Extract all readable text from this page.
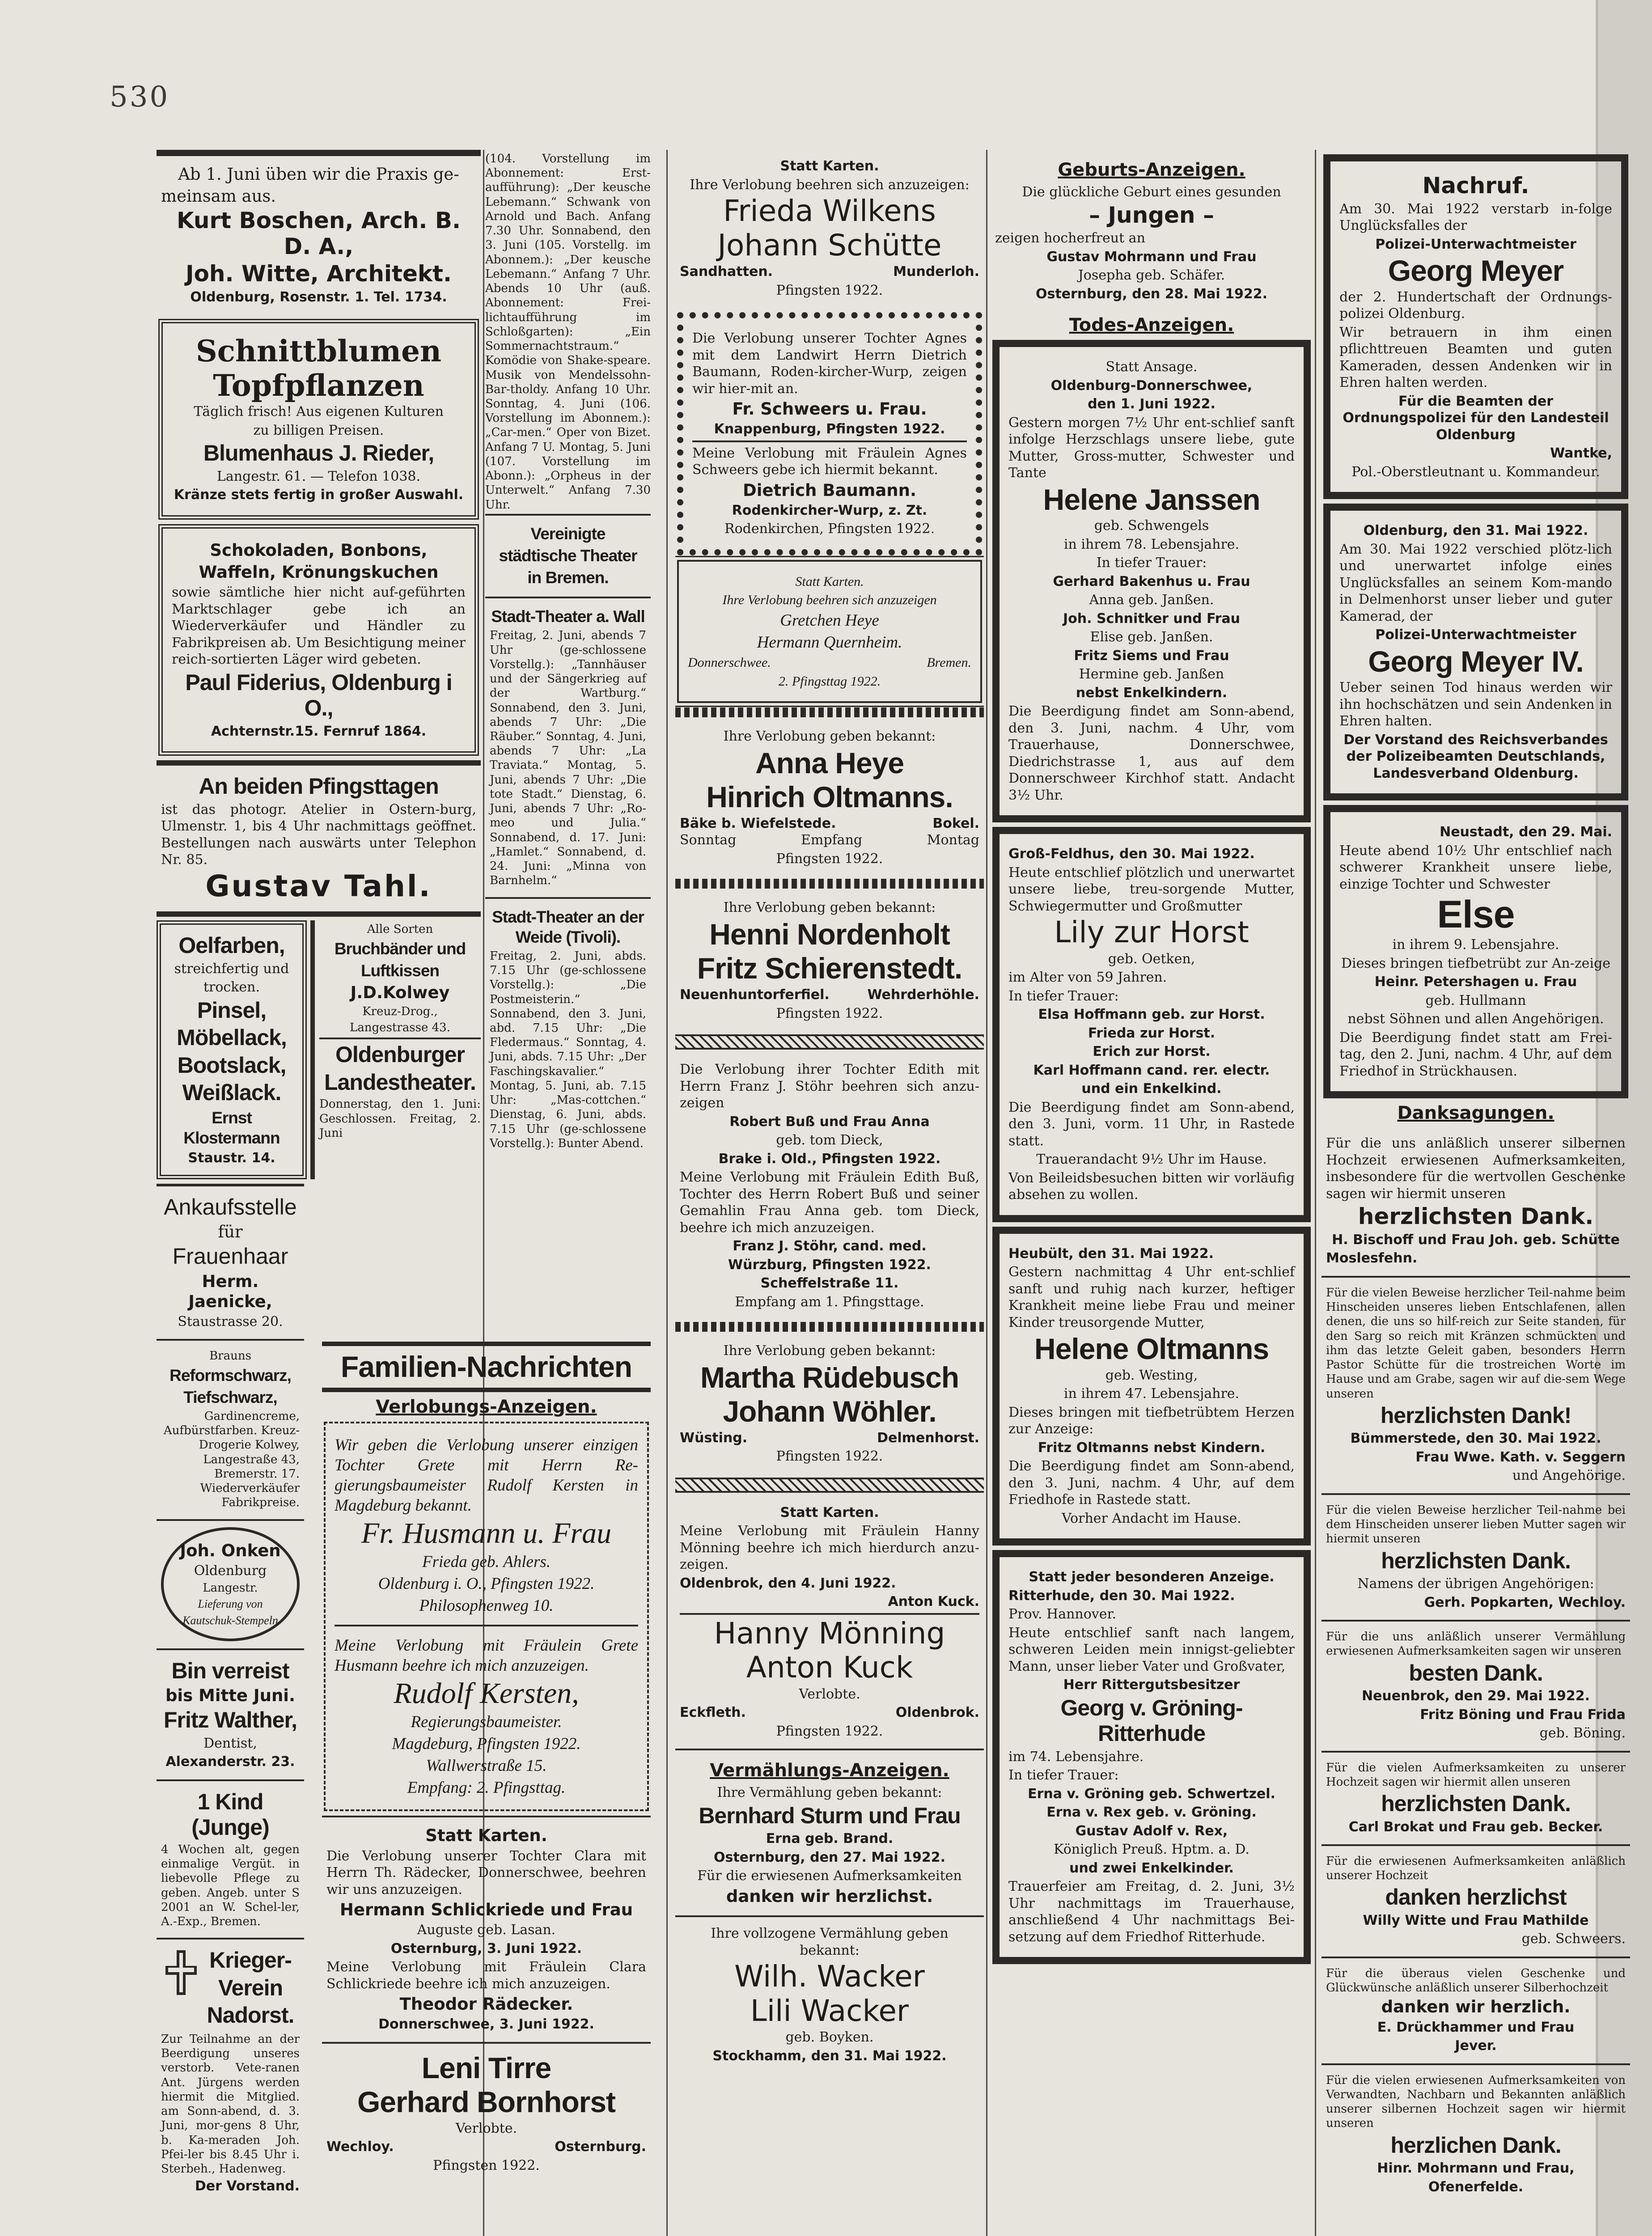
530

Ab 1. Juni üben wir die Praxis ge-

meinsam aus.

Kurt Boschen, Arch. B. D. A.,

Joh. Witte, Architekt.

Oldenburg, Rosenstr. 1. Tel. 1734.

Schnittblumen

Topfpflanzen

Täglich frisch! Aus eigenen Kulturen

zu billigen Preisen.

Blumenhaus J. Rieder,

Langestr. 61. — Telefon 1038.

Kränze stets fertig in großer Auswahl.

Schokoladen, Bonbons,

Waffeln, Krönungskuchen

sowie sämtliche hier nicht auf-geführten Marktschlager gebe ich an Wiederverkäufer und Händler zu Fabrikpreisen ab. Um Besichtigung meiner reich-sortierten Läger wird gebeten.

Paul Fiderius, Oldenburg i O.,

Achternstr.15. Fernruf 1864.

An beiden Pfingsttagen

ist das photogr. Atelier in Ostern-burg, Ulmenstr. 1, bis 4 Uhr nachmittags geöffnet. Bestellungen nach auswärts unter Telephon Nr. 85.

Gustav Tahl.

Oelfarben,

streichfertig und

trocken.

Pinsel,

Möbellack,

Bootslack,

Weißlack.

Ernst Klostermann

Staustr. 14.

Alle Sorten

Bruchbänder und

Luftkissen

J.D.Kolwey

Kreuz-Drog.,

Langestrasse 43.

Oldenburger

Landestheater.

Donnerstag, den 1. Juni: Geschlossen. Freitag, 2. Juni

Ankaufsstelle

für

Frauenhaar

Herm. Jaenicke,

Staustrasse 20.

Brauns

Reformschwarz,

Tiefschwarz,

Gardinencreme, Aufbürstfarben. Kreuz-Drogerie Kolwey, Langestraße 43, Bremerstr. 17. Wiederverkäufer Fabrikpreise.

Joh. Onken

Oldenburg

Langestr.

Lieferung von

Kautschuk-Stempeln

Bin verreist

bis Mitte Juni.

Fritz Walther,

Dentist,

Alexanderstr. 23.

1 Kind (Junge)

4 Wochen alt, gegen einmalige Vergüt. in liebevolle Pflege zu geben. Angeb. unter S 2001 an W. Schel-ler, A.-Exp., Bremen.

Krieger-

Verein

Nadorst.

Zur Teilnahme an der Beerdigung unseres verstorb. Vete-ranen Ant. Jürgens werden hiermit die Mitglied. am Sonn-abend, d. 3. Juni, mor-gens 8 Uhr, b. Ka-meraden Joh. Pfei-ler bis 8.45 Uhr i. Sterbeh., Hadenweg.

Der Vorstand.

(104. Vorstellung im Abonnement: Erst-aufführung): „Der keusche Lebemann.“ Schwank von Arnold und Bach. Anfang 7.30 Uhr. Sonnabend, den 3. Juni (105. Vorstellg. im Abonnem.): „Der keusche Lebemann.“ Anfang 7 Uhr. Abends 10 Uhr (auß. Abonnement: Frei-lichtaufführung im Schloßgarten): „Ein Sommernachtstraum.“ Komödie von Shake-speare. Musik von Mendelssohn-Bar-tholdy. Anfang 10 Uhr. Sonntag, 4. Juni (106. Vorstellung im Abonnem.): „Car-men.“ Oper von Bizet. Anfang 7 U. Montag, 5. Juni (107. Vorstellung im Abonn.): „Orpheus in der Unterwelt.“ Anfang 7.30 Uhr.

Vereinigte

städtische Theater

in Bremen.

Stadt-Theater a. Wall

Freitag, 2. Juni, abends 7 Uhr (ge-schlossene Vorstellg.): „Tannhäuser und der Sängerkrieg auf der Wartburg.“ Sonnabend, den 3. Juni, abends 7 Uhr: „Die Räuber.“ Sonntag, 4. Juni, abends 7 Uhr: „La Traviata.“ Montag, 5. Juni, abends 7 Uhr: „Die tote Stadt.“ Dienstag, 6. Juni, abends 7 Uhr: „Ro-meo und Julia.“ Sonnabend, d. 17. Juni: „Hamlet.“ Sonnabend, d. 24. Juni: „Minna von Barnhelm.“

Stadt-Theater an der Weide (Tivoli).

Freitag, 2. Juni, abds. 7.15 Uhr (ge-schlossene Vorstellg.): „Die Postmeisterin.“ Sonnabend, den 3. Juni, abd. 7.15 Uhr: „Die Fledermaus.“ Sonntag, 4. Juni, abds. 7.15 Uhr: „Der Faschingskavalier.“ Montag, 5. Juni, ab. 7.15 Uhr: „Mas-cottchen.“ Dienstag, 6. Juni, abds. 7.15 Uhr (ge-schlossene Vorstellg.): Bunter Abend.

Familien-Nachrichten

Verlobungs-Anzeigen.

Wir geben die Verlobung unserer einzigen Tochter Grete mit Herrn Re-gierungsbaumeister Rudolf Kersten in Magdeburg bekannt.

Fr. Husmann u. Frau

Frieda geb. Ahlers.

Oldenburg i. O., Pfingsten 1922.

Philosophenweg 10.

Meine Verlobung mit Fräulein Grete Husmann beehre ich mich anzuzeigen.

Rudolf Kersten,

Regierungsbaumeister.

Magdeburg, Pfingsten 1922.

Wallwerstraße 15.

Empfang: 2. Pfingsttag.

Statt Karten.

Die Verlobung unserer Tochter Clara mit Herrn Th. Rädecker, Donnerschwee, beehren wir uns anzuzeigen.

Hermann Schlickriede und Frau

Auguste geb. Lasan.

Osternburg, 3. Juni 1922.

Meine Verlobung mit Fräulein Clara Schlickriede beehre ich mich anzuzeigen.

Theodor Rädecker.

Donnerschwee, 3. Juni 1922.

Leni Tirre

Gerhard Bornhorst

Verlobte.

Wechloy.	Osternburg.

Pfingsten 1922.

Statt Karten.

Ihre Verlobung beehren sich anzuzeigen:

Frieda Wilkens

Johann Schütte

Sandhatten.	Munderloh.

Pfingsten 1922.

Die Verlobung unserer Tochter Agnes mit dem Landwirt Herrn Dietrich Baumann, Roden-kircher-Wurp, zeigen wir hier-mit an.

Fr. Schweers u. Frau.

Knappenburg, Pfingsten 1922.

Meine Verlobung mit Fräulein Agnes Schweers gebe ich hiermit bekannt.

Dietrich Baumann.

Rodenkircher-Wurp, z. Zt.

Rodenkirchen, Pfingsten 1922.

Statt Karten.

Ihre Verlobung beehren sich anzuzeigen

Gretchen Heye

Hermann Quernheim.

Donnerschwee.	Bremen.

2. Pfingsttag 1922.

Ihre Verlobung geben bekannt:

Anna Heye

Hinrich Oltmanns.

Bäke b. Wiefelstede.	Bokel.
Sonntag	Empfang	Montag

Pfingsten 1922.

Ihre Verlobung geben bekannt:

Henni Nordenholt

Fritz Schierenstedt.

Neuenhuntorferfiel.	Wehrderhöhle.

Pfingsten 1922.

Die Verlobung ihrer Tochter Edith mit Herrn Franz J. Stöhr beehren sich anzu-zeigen

Robert Buß und Frau Anna

geb. tom Dieck,

Brake i. Old., Pfingsten 1922.

Meine Verlobung mit Fräulein Edith Buß, Tochter des Herrn Robert Buß und seiner Gemahlin Frau Anna geb. tom Dieck, beehre ich mich anzuzeigen.

Franz J. Stöhr, cand. med.

Würzburg, Pfingsten 1922.

Scheffelstraße 11.

Empfang am 1. Pfingsttage.

Ihre Verlobung geben bekannt:

Martha Rüdebusch

Johann Wöhler.

Wüsting.	Delmenhorst.

Pfingsten 1922.

Statt Karten.

Meine Verlobung mit Fräulein Hanny Mönning beehre ich mich hierdurch anzu-zeigen.

Oldenbrok, den 4. Juni 1922.

Anton Kuck.

Hanny Mönning

Anton Kuck

Verlobte.

Eckfleth.	Oldenbrok.

Pfingsten 1922.

Vermählungs-Anzeigen.

Ihre Vermählung geben bekannt:

Bernhard Sturm und Frau

Erna geb. Brand.

Osternburg, den 27. Mai 1922.

Für die erwiesenen Aufmerksamkeiten

danken wir herzlichst.

Ihre vollzogene Vermählung geben bekannt:

Wilh. Wacker

Lili Wacker

geb. Boyken.

Stockhamm, den 31. Mai 1922.

Geburts-Anzeigen.

Die glückliche Geburt eines gesunden

– Jungen –

zeigen hocherfreut an

Gustav Mohrmann und Frau

Josepha geb. Schäfer.

Osternburg, den 28. Mai 1922.

Todes-Anzeigen.

Statt Ansage.

Oldenburg-Donnerschwee,

den 1. Juni 1922.

Gestern morgen 7½ Uhr ent-schlief sanft infolge Herzschlags unsere liebe, gute Mutter, Gross-mutter, Schwester und Tante

Helene Janssen

geb. Schwengels

in ihrem 78. Lebensjahre.

In tiefer Trauer:

Gerhard Bakenhus u. Frau

Anna geb. Janßen.

Joh. Schnitker und Frau

Elise geb. Janßen.

Fritz Siems und Frau

Hermine geb. Janßen

nebst Enkelkindern.

Die Beerdigung findet am Sonn-abend, den 3. Juni, nachm. 4 Uhr, vom Trauerhause, Donnerschwee, Diedrichstrasse 1, aus auf dem Donnerschweer Kirchhof statt. Andacht 3½ Uhr.

Groß-Feldhus, den 30. Mai 1922.

Heute entschlief plötzlich und unerwartet unsere liebe, treu-sorgende Mutter, Schwiegermutter und Großmutter

Lily zur Horst

geb. Oetken,

im Alter von 59 Jahren.

In tiefer Trauer:

Elsa Hoffmann geb. zur Horst.

Frieda zur Horst.

Erich zur Horst.

Karl Hoffmann cand. rer. electr.

und ein Enkelkind.

Die Beerdigung findet am Sonn-abend, den 3. Juni, vorm. 11 Uhr, in Rastede statt.

Trauerandacht 9½ Uhr im Hause.

Von Beileidsbesuchen bitten wir vorläufig absehen zu wollen.

Heubült, den 31. Mai 1922.

Gestern nachmittag 4 Uhr ent-schlief sanft und ruhig nach kurzer, heftiger Krankheit meine liebe Frau und meiner Kinder treusorgende Mutter,

Helene Oltmanns

geb. Westing,

in ihrem 47. Lebensjahre.

Dieses bringen mit tiefbetrübtem Herzen zur Anzeige:

Fritz Oltmanns nebst Kindern.

Die Beerdigung findet am Sonn-abend, den 3. Juni, nachm. 4 Uhr, auf dem Friedhofe in Rastede statt.

Vorher Andacht im Hause.

Statt jeder besonderen Anzeige.

Ritterhude, den 30. Mai 1922.

Prov. Hannover.

Heute entschlief sanft nach langem, schweren Leiden mein innigst-geliebter Mann, unser lieber Vater und Großvater,

Herr Rittergutsbesitzer

Georg v. Gröning-Ritterhude

im 74. Lebensjahre.

In tiefer Trauer:

Erna v. Gröning geb. Schwertzel.

Erna v. Rex geb. v. Gröning.

Gustav Adolf v. Rex,

Königlich Preuß. Hptm. a. D.

und zwei Enkelkinder.

Trauerfeier am Freitag, d. 2. Juni, 3½ Uhr nachmittags im Trauerhause, anschließend 4 Uhr nachmittags Bei-setzung auf dem Friedhof Ritterhude.

Nachruf.

Am 30. Mai 1922 verstarb in-folge Unglücksfalles der

Polizei-Unterwachtmeister

Georg Meyer

der 2. Hundertschaft der Ordnungs-polizei Oldenburg.

Wir betrauern in ihm einen pflichttreuen Beamten und guten Kameraden, dessen Andenken wir in Ehren halten werden.

Für die Beamten der Ordnungspolizei für den Landesteil Oldenburg

Wantke,

Pol.-Oberstleutnant u. Kommandeur.

Oldenburg, den 31. Mai 1922.

Am 30. Mai 1922 verschied plötz-lich und unerwartet infolge eines Unglücksfalles an seinem Kom-mando in Delmenhorst unser lieber und guter Kamerad, der

Polizei-Unterwachtmeister

Georg Meyer IV.

Ueber seinen Tod hinaus werden wir ihn hochschätzen und sein Andenken in Ehren halten.

Der Vorstand des Reichsverbandes der Polizeibeamten Deutschlands, Landesverband Oldenburg.

Neustadt, den 29. Mai.

Heute abend 10½ Uhr entschlief nach schwerer Krankheit unsere liebe, einzige Tochter und Schwester

Else

in ihrem 9. Lebensjahre.

Dieses bringen tiefbetrübt zur An-zeige

Heinr. Petershagen u. Frau

geb. Hullmann

nebst Söhnen und allen Angehörigen.

Die Beerdigung findet statt am Frei-tag, den 2. Juni, nachm. 4 Uhr, auf dem Friedhof in Strückhausen.

Danksagungen.

Für die uns anläßlich unserer silbernen Hochzeit erwiesenen Aufmerksamkeiten, insbesondere für die wertvollen Geschenke sagen wir hiermit unseren

herzlichsten Dank.

H. Bischoff und Frau Joh. geb. Schütte

Moslesfehn.

Für die vielen Beweise herzlicher Teil-nahme beim Hinscheiden unseres lieben Entschlafenen, allen denen, die uns so hilf-reich zur Seite standen, für den Sarg so reich mit Kränzen schmückten und ihm das letzte Geleit gaben, besonders Herrn Pastor Schütte für die trostreichen Worte im Hause und am Grabe, sagen wir auf die-sem Wege unseren

herzlichsten Dank!

Bümmerstede, den 30. Mai 1922.

Frau Wwe. Kath. v. Seggern

und Angehörige.

Für die vielen Beweise herzlicher Teil-nahme bei dem Hinscheiden unserer lieben Mutter sagen wir hiermit unseren

herzlichsten Dank.

Namens der übrigen Angehörigen:

Gerh. Popkarten, Wechloy.

Für die uns anläßlich unserer Vermählung erwiesenen Aufmerksamkeiten sagen wir unseren

besten Dank.

Neuenbrok, den 29. Mai 1922.

Fritz Böning und Frau Frida

geb. Böning.

Für die vielen Aufmerksamkeiten zu unserer Hochzeit sagen wir hiermit allen unseren

herzlichsten Dank.

Carl Brokat und Frau geb. Becker.

Für die erwiesenen Aufmerksamkeiten anläßlich unserer Hochzeit

danken herzlichst

Willy Witte und Frau Mathilde

geb. Schweers.

Für die überaus vielen Geschenke und Glückwünsche anläßlich unserer Silberhochzeit

danken wir herzlich.

E. Drückhammer und Frau

Jever.

Für die vielen erwiesenen Aufmerksamkeiten von Verwandten, Nachbarn und Bekannten anläßlich unserer silbernen Hochzeit sagen wir hiermit unseren

herzlichen Dank.

Hinr. Mohrmann und Frau,

Ofenerfelde.
